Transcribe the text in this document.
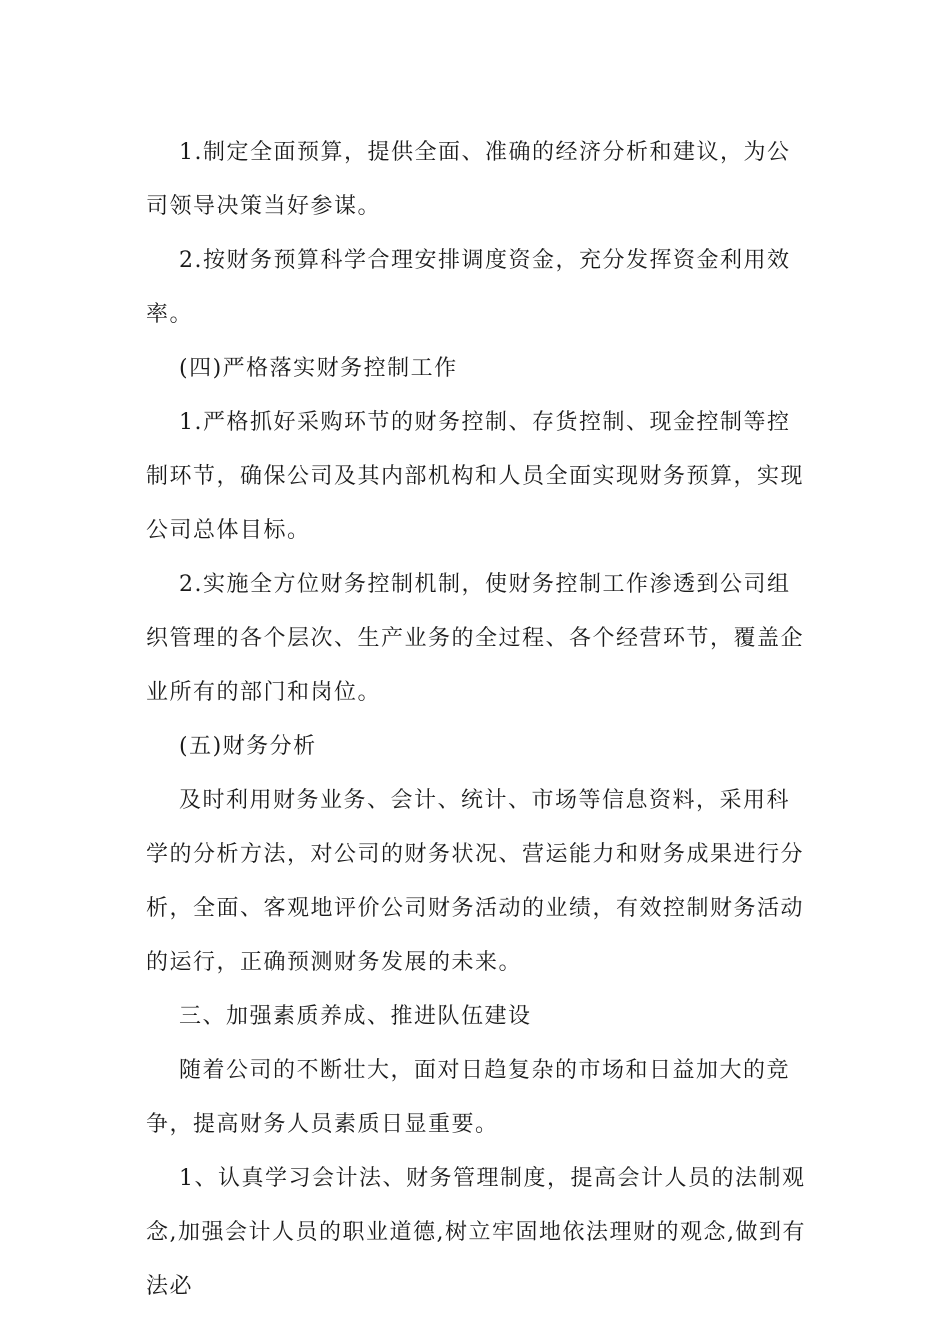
1.制定全面预算，提供全面、准确的经济分析和建议，为公司领导决策当好参谋。

2.按财务预算科学合理安排调度资金，充分发挥资金利用效率。

(四)严格落实财务控制工作

1.严格抓好采购环节的财务控制、存货控制、现金控制等控制环节，确保公司及其内部机构和人员全面实现财务预算，实现公司总体目标。

2.实施全方位财务控制机制，使财务控制工作渗透到公司组织管理的各个层次、生产业务的全过程、各个经营环节，覆盖企业所有的部门和岗位。

(五)财务分析

及时利用财务业务、会计、统计、市场等信息资料，采用科学的分析方法，对公司的财务状况、营运能力和财务成果进行分析，全面、客观地评价公司财务活动的业绩，有效控制财务活动的运行，正确预测财务发展的未来。

三、加强素质养成、推进队伍建设

随着公司的不断壮大，面对日趋复杂的市场和日益加大的竞争，提高财务人员素质日显重要。

1、认真学习会计法、财务管理制度，提高会计人员的法制观念,加强会计人员的职业道德,树立牢固地依法理财的观念,做到有法必
